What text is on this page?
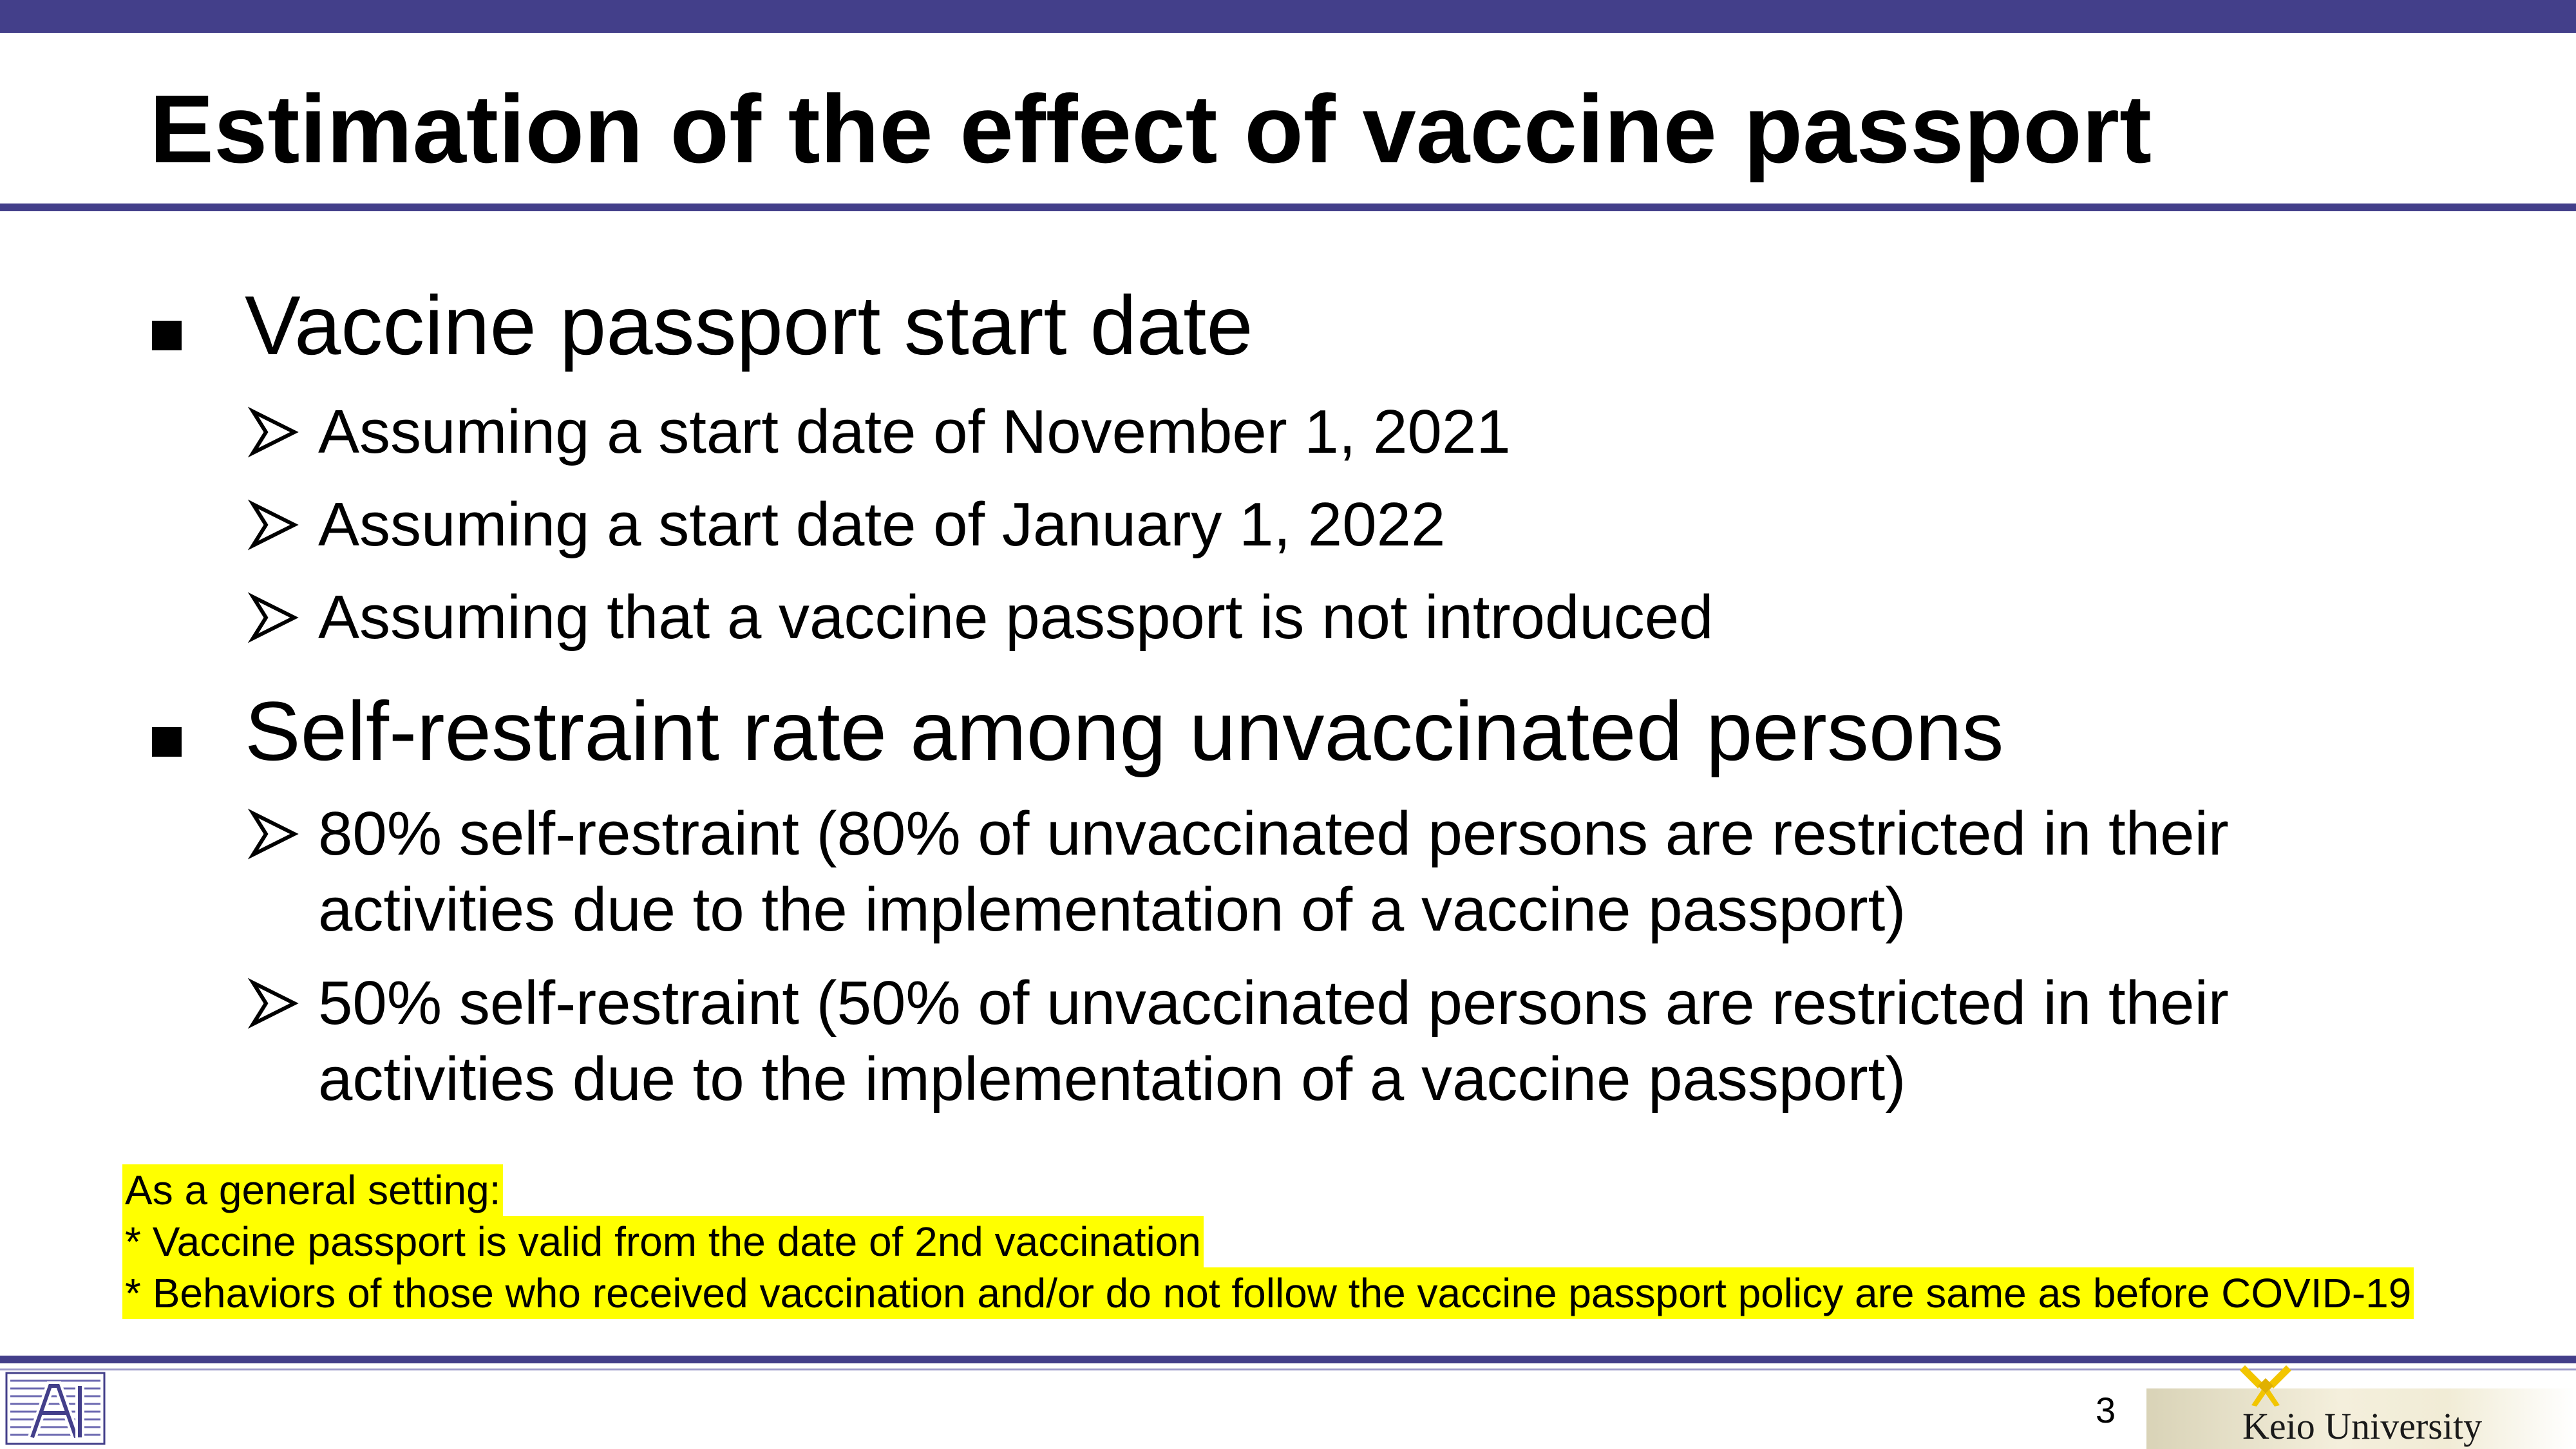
Estimation of the effect of vaccine passport
Vaccine passport start date
Assuming a start date of November 1, 2021
Assuming a start date of January 1, 2022
Assuming that a vaccine passport is not introduced
Self-restraint rate among unvaccinated persons
80% self-restraint (80% of unvaccinated persons are restricted in their
activities due to the implementation of a vaccine passport)
50% self-restraint (50% of unvaccinated persons are restricted in their
activities due to the implementation of a vaccine passport)
As a general setting:
* Vaccine passport is valid from the date of 2nd vaccination
* Behaviors of those who received vaccination and/or do not follow the vaccine passport policy are same as before COVID-19
3	Keio University
